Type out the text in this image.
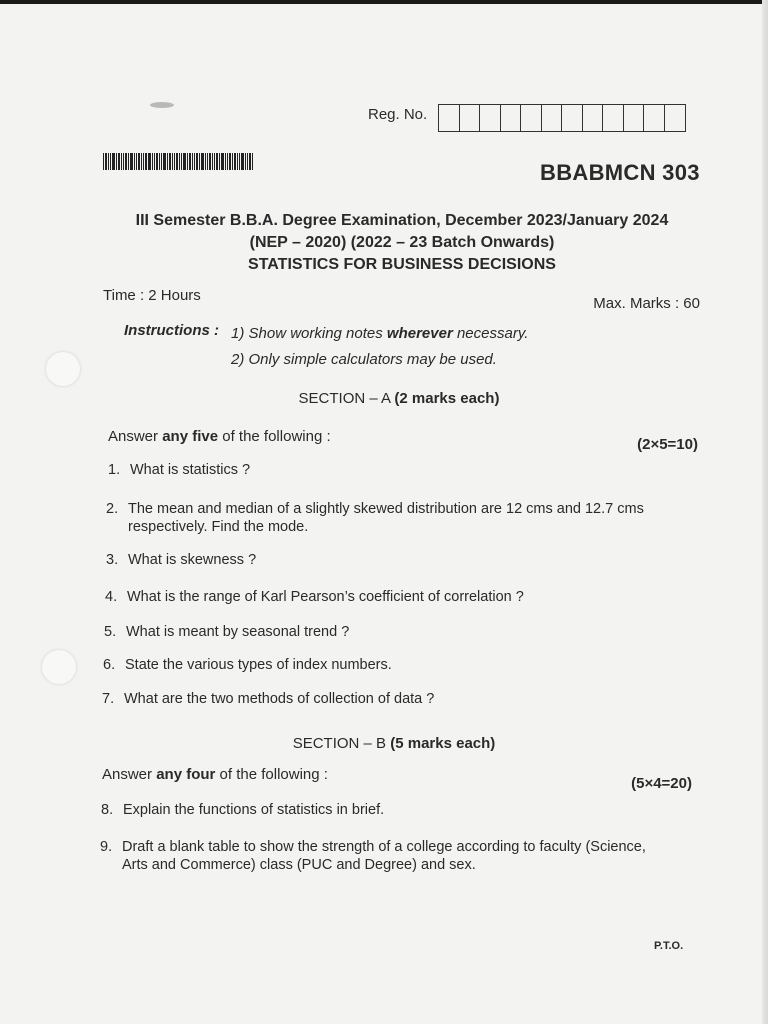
Reg. No.
BBABMCN 303
III Semester B.B.A. Degree Examination, December 2023/January 2024
(NEP – 2020) (2022 – 23 Batch Onwards)
STATISTICS FOR BUSINESS DECISIONS
Time : 2 Hours	Max. Marks : 60
Instructions : 1) Show working notes wherever necessary.
2) Only simple calculators may be used.
SECTION – A (2 marks each)
Answer any five of the following :	(2×5=10)
1. What is statistics ?
2. The mean and median of a slightly skewed distribution are 12 cms and 12.7 cms respectively. Find the mode.
3. What is skewness ?
4. What is the range of Karl Pearson’s coefficient of correlation ?
5. What is meant by seasonal trend ?
6. State the various types of index numbers.
7. What are the two methods of collection of data ?
SECTION – B (5 marks each)
Answer any four of the following :
(5×4=20)
8. Explain the functions of statistics in brief.
9. Draft a blank table to show the strength of a college according to faculty (Science, Arts and Commerce) class (PUC and Degree) and sex.
P.T.O.
